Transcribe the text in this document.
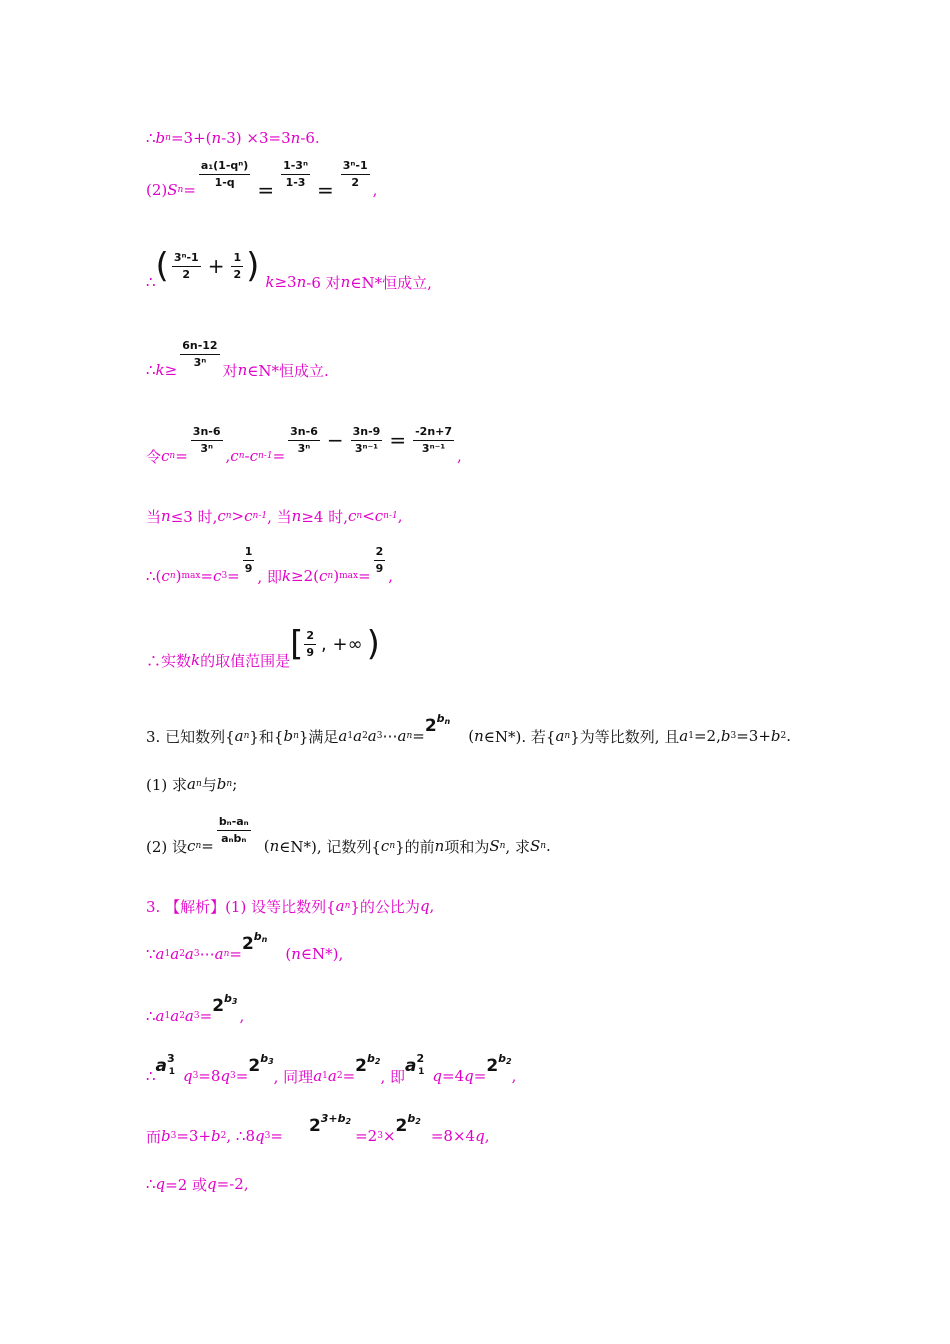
∴ b n =3+( n -3) ×3=3 n -6.
(2) S n =
$\frac{\text{a₁(1-qⁿ)}}{1-q}$
=
$\frac{\text{1-3ⁿ}}{1-3}$
=
$\frac{\text{3ⁿ-1}}{2}$
,
∴ ( $\frac{\text{3ⁿ-1}}{2} + \frac{1}{2}$ ) k ≥3 n -6 对 n ∈N*恒成立,
∴ k ≥
$\frac{6n-12}{\text{3ⁿ}}$
对 n ∈N*恒成立.
令 c n =
$\frac{3n-6}{\text{3ⁿ}}$
, c n - c n-1 =
$\frac{3n-6}{\text{3ⁿ}} - \frac{3n-9}{\text{3ⁿ⁻¹}} = \frac{-2n+7}{\text{3ⁿ⁻¹}}$
,
当 n ≤3 时, c n > c n-1 , 当 n ≥4 时, c n < c n-1 ,
∴( c n ) max = c 3 =
$\frac{1}{9}$
, 即 k ≥2( c n ) max =
$\frac{2}{9}$
,
∴实数 k 的取值范围是 [ $\frac{2}{9}$ , +∞ )
3. 已知数列{ a n }和{ b n }满足 a 1 a 2 a 3 ⋯ a $n = 2^{b_n}$
( n ∈N*). 若{ a n }为等比数列, 且 a 1 =2, b 3 =3+ b 2 .
(1) 求 a n 与 b n ;
(2) 设 c n =
$\frac{\text{bₙ-aₙ}}{\text{aₙbₙ}}$
( n ∈N*), 记数列{ c n }的前 n 项和为 S n , 求 S n .
3. 【解析】(1) 设等比数列{ a n }的公比为 q ,
∵ a 1 a 2 a 3 ⋯ a $n = 2^{b_n}$
( n ∈N*),
∴ a 1 a 2 a $3 = 2^{b_3}$
,
∴
$a^3_1$ q 3 =8 q $3 = 2^{b_3}$
, 同理 a 1 a $2 = 2^{b_2}$
, 即
$a^2_1$ q =4 $q = 2^{b_2}$
,
而 b 3 =3+ b 2 , ∴8 q $3 = 2^{3+b_2}$
=2 $3 \times 2^{b_2}$
=8×4 q ,
∴ q =2 或 q =-2,
